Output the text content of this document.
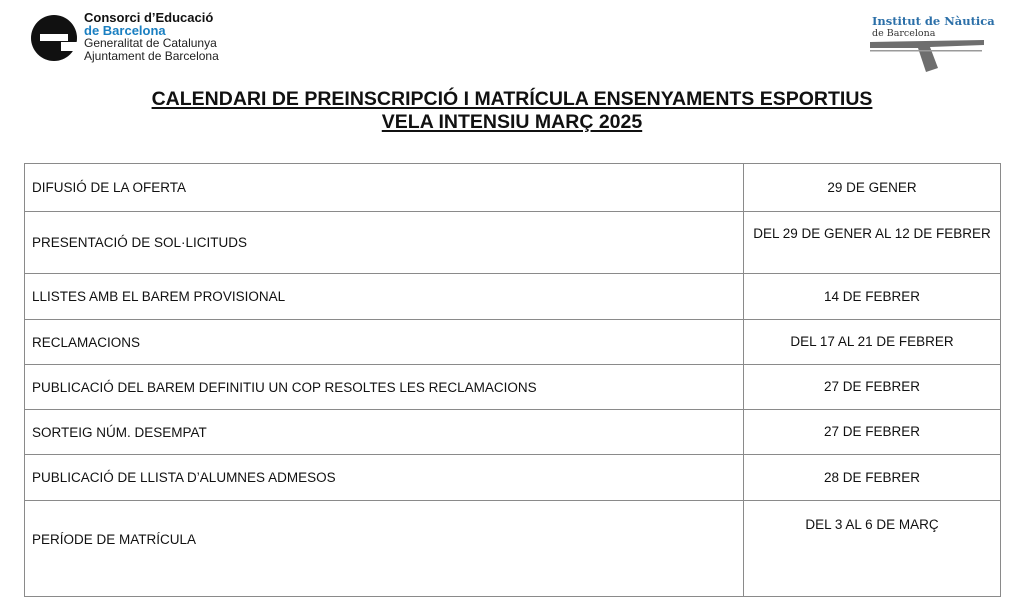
Consorci d’Educació
de Barcelona
Generalitat de Catalunya
Ajuntament de Barcelona
Institut de Nàutica
de Barcelona
CALENDARI DE PREINSCRIPCIÓ I MATRÍCULA ENSENYAMENTS ESPORTIUS
VELA INTENSIU MARÇ 2025
DIFUSIÓ DE LA OFERTA	29 DE GENER
PRESENTACIÓ DE SOL·LICITUDS	DEL 29 DE GENER AL 12 DE FEBRER
LLISTES AMB EL BAREM PROVISIONAL	14 DE FEBRER
RECLAMACIONS	DEL 17 AL 21 DE FEBRER
PUBLICACIÓ DEL BAREM DEFINITIU UN COP RESOLTES LES RECLAMACIONS	27 DE FEBRER
SORTEIG NÚM. DESEMPAT	27 DE FEBRER
PUBLICACIÓ DE LLISTA D’ALUMNES ADMESOS	28 DE FEBRER
PERÍODE DE MATRÍCULA	DEL 3 AL 6 DE MARÇ
